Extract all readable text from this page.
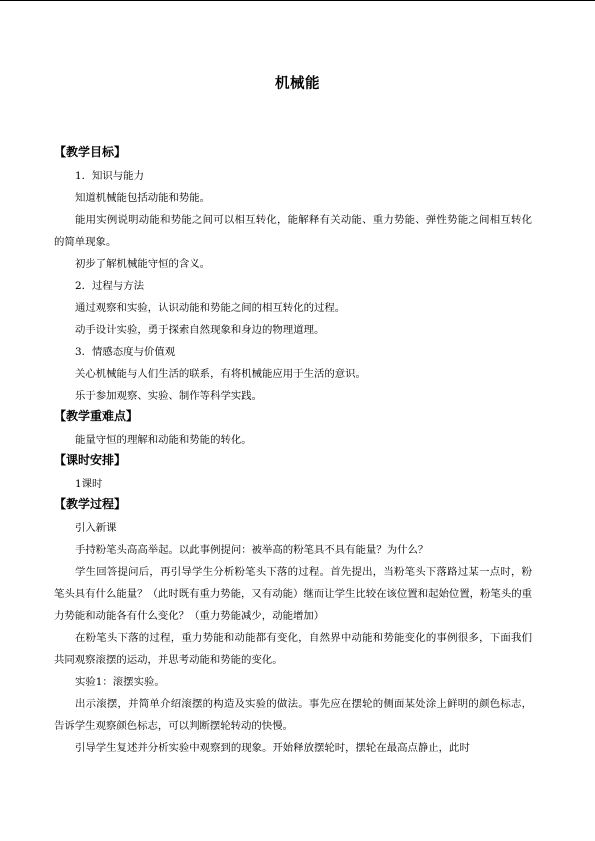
机械能
【教学目标】

1．知识与能力

知道机械能包括动能和势能。

能用实例说明动能和势能之间可以相互转化，能解释有关动能、重力势能、弹性势能之间相互转化的简单现象。

初步了解机械能守恒的含义。

2．过程与方法

通过观察和实验，认识动能和势能之间的相互转化的过程。

动手设计实验，勇于探索自然现象和身边的物理道理。

3．情感态度与价值观

关心机械能与人们生活的联系，有将机械能应用于生活的意识。

乐于参加观察、实验、制作等科学实践。

【教学重难点】

能量守恒的理解和动能和势能的转化。

【课时安排】

1课时

【教学过程】

引入新课

手持粉笔头高高举起。以此事例提问：被举高的粉笔具不具有能量？为什么？

学生回答提问后，再引导学生分析粉笔头下落的过程。首先提出，当粉笔头下落路过某一点时，粉笔头具有什么能量？（此时既有重力势能，又有动能）继而让学生比较在该位置和起始位置，粉笔头的重力势能和动能各有什么变化？（重力势能减少，动能增加）

在粉笔头下落的过程，重力势能和动能都有变化，自然界中动能和势能变化的事例很多，下面我们共同观察滚摆的运动，并思考动能和势能的变化。

实验1：滚摆实验。

出示滚摆，并简单介绍滚摆的构造及实验的做法。事先应在摆轮的侧面某处涂上鲜明的颜色标志，告诉学生观察颜色标志，可以判断摆轮转动的快慢。

引导学生复述并分析实验中观察到的现象。开始释放摆轮时，摆轮在最高点静止，此时
